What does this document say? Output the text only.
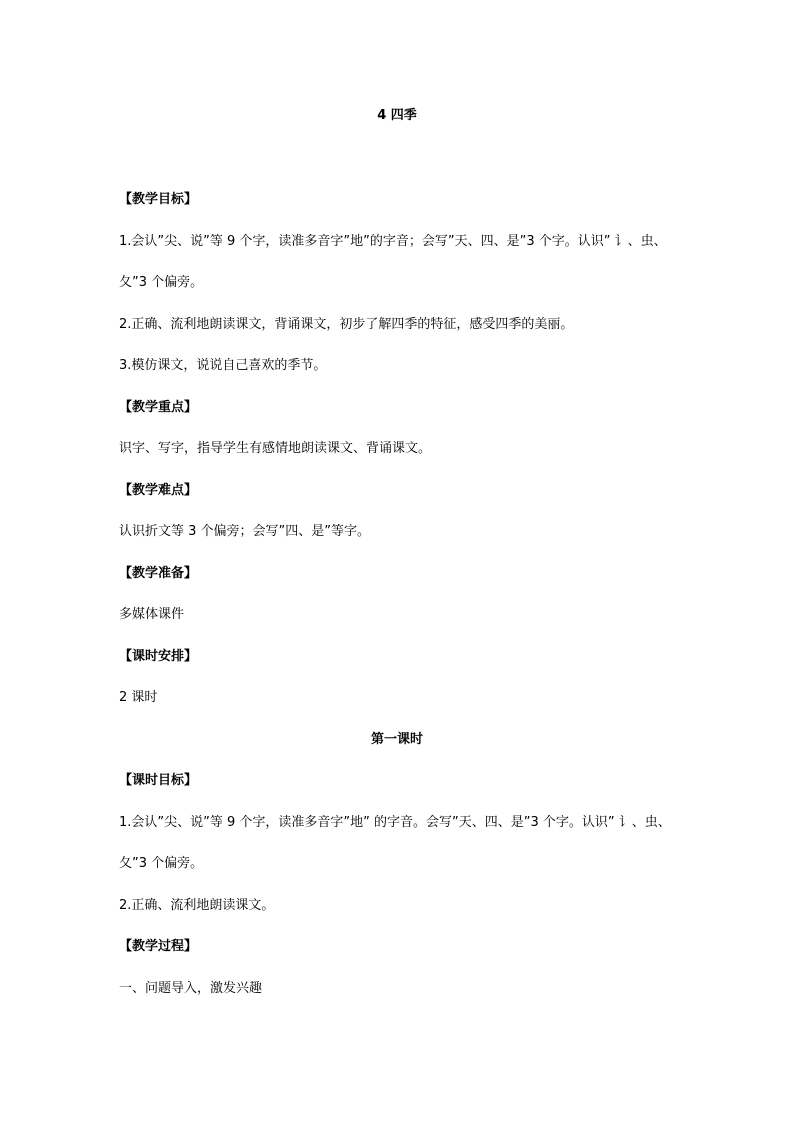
4 四季
【教学目标】
1.会认”尖、说”等 9 个字，读准多音字”地”的字音；会写”天、四、是”3 个字。认识” 讠、虫、
夂”3 个偏旁。
2.正确、流利地朗读课文，背诵课文，初步了解四季的特征，感受四季的美丽。
3.模仿课文，说说自己喜欢的季节。
【教学重点】
识字、写字，指导学生有感情地朗读课文、背诵课文。
【教学难点】
认识折文等 3 个偏旁；会写”四、是”等字。
【教学准备】
多媒体课件
【课时安排】
2 课时
第一课时
【课时目标】
1.会认”尖、说”等 9 个字，读准多音字”地” 的字音。会写”天、四、是”3 个字。认识” 讠、虫、
夂”3 个偏旁。
2.正确、流利地朗读课文。
【教学过程】
一、问题导入，激发兴趣
